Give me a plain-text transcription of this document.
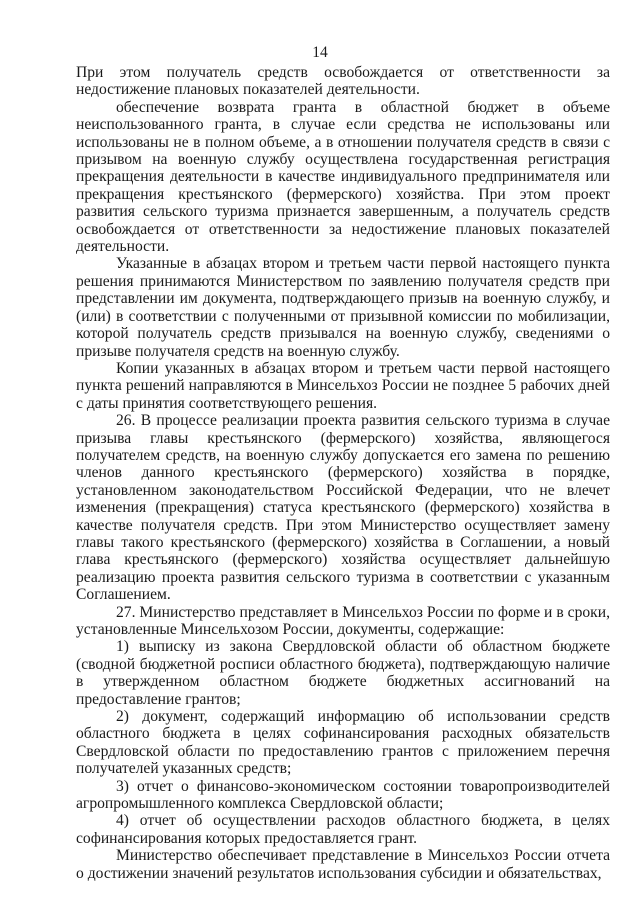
14

При этом получатель средств освобождается от ответственности за недостижение плановых показателей деятельности.

обеспечение возврата гранта в областной бюджет в объеме неиспользованного гранта, в случае если средства не использованы или использованы не в полном объеме, а в отношении получателя средств в связи с призывом на военную службу осуществлена государственная регистрация прекращения деятельности в качестве индивидуального предпринимателя или прекращения крестьянского (фермерского) хозяйства. При этом проект развития сельского туризма признается завершенным, а получатель средств освобождается от ответственности за недостижение плановых показателей деятельности.

Указанные в абзацах втором и третьем части первой настоящего пункта решения принимаются Министерством по заявлению получателя средств при представлении им документа, подтверждающего призыв на военную службу, и (или) в соответствии с полученными от призывной комиссии по мобилизации, которой получатель средств призывался на военную службу, сведениями о призыве получателя средств на военную службу.

Копии указанных в абзацах втором и третьем части первой настоящего пункта решений направляются в Минсельхоз России не позднее 5 рабочих дней с даты принятия соответствующего решения.

26. В процессе реализации проекта развития сельского туризма в случае призыва главы крестьянского (фермерского) хозяйства, являющегося получателем средств, на военную службу допускается его замена по решению членов данного крестьянского (фермерского) хозяйства в порядке, установленном законодательством Российской Федерации, что не влечет изменения (прекращения) статуса крестьянского (фермерского) хозяйства в качестве получателя средств. При этом Министерство осуществляет замену главы такого крестьянского (фермерского) хозяйства в Соглашении, а новый глава крестьянского (фермерского) хозяйства осуществляет дальнейшую реализацию проекта развития сельского туризма в соответствии с указанным Соглашением.

27. Министерство представляет в Минсельхоз России по форме и в сроки, установленные Минсельхозом России, документы, содержащие:

1) выписку из закона Свердловской области об областном бюджете (сводной бюджетной росписи областного бюджета), подтверждающую наличие в утвержденном областном бюджете бюджетных ассигнований на предоставление грантов;

2) документ, содержащий информацию об использовании средств областного бюджета в целях софинансирования расходных обязательств Свердловской области по предоставлению грантов с приложением перечня получателей указанных средств;

3) отчет о финансово-экономическом состоянии товаропроизводителей агропромышленного комплекса Свердловской области;

4) отчет об осуществлении расходов областного бюджета, в целях софинансирования которых предоставляется грант.

Министерство обеспечивает представление в Минсельхоз России отчета о достижении значений результатов использования субсидии и обязательствах,
